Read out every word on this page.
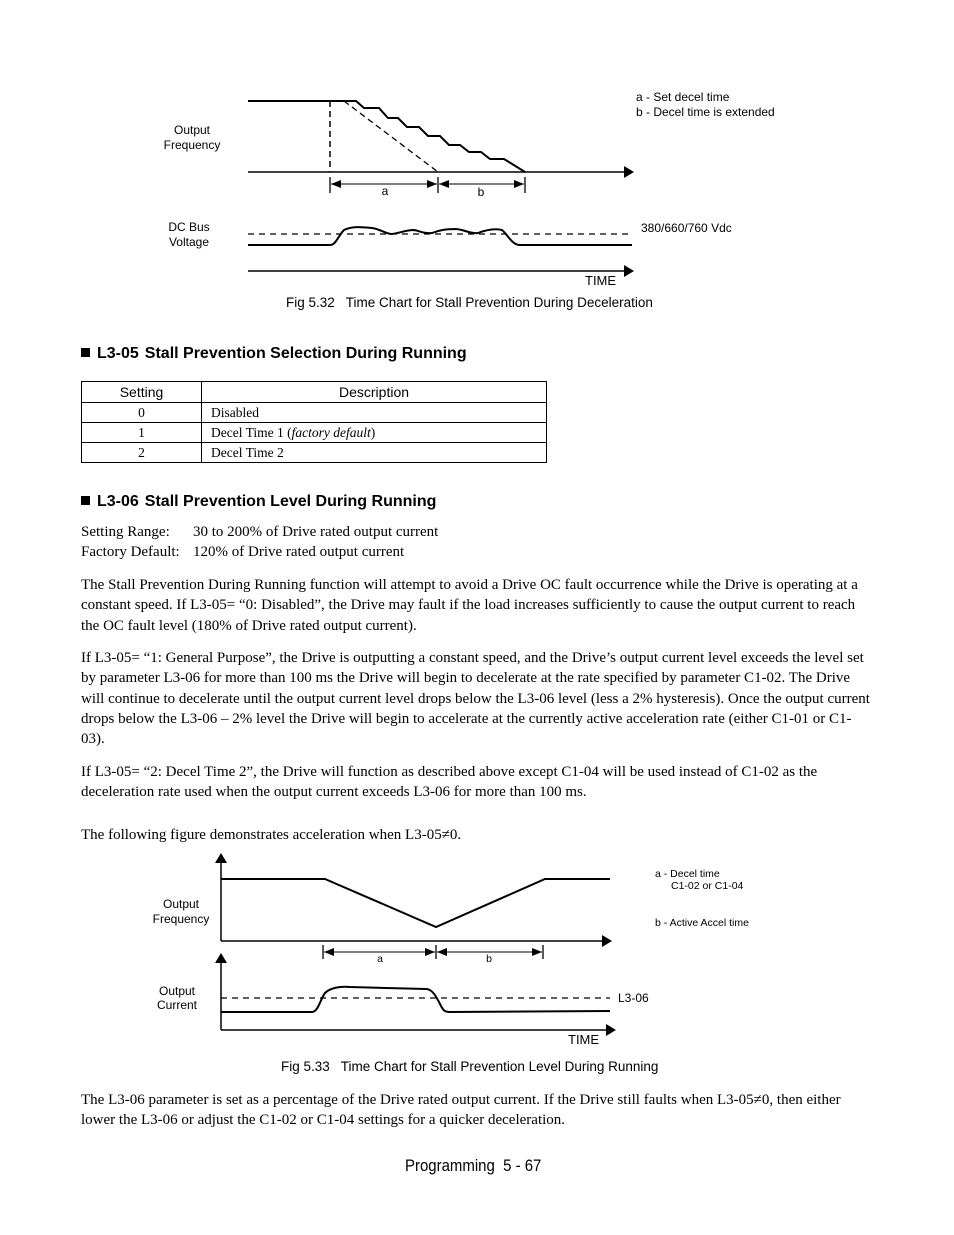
Output
Frequency
a	b
a - Set decel time
b - Decel time is extended
DC Bus
Voltage
380/660/760 Vdc
TIME
Fig 5.32   Time Chart for Stall Prevention During Deceleration
L3-05 Stall Prevention Selection During Running
Setting	Description
0	Disabled
1	Decel Time 1 (factory default)
2	Decel Time 2
L3-06 Stall Prevention Level During Running
Setting Range: 30 to 200% of Drive rated output current
Factory Default: 120% of Drive rated output current

The Stall Prevention During Running function will attempt to avoid a Drive OC fault occurrence while the Drive is operating at a constant speed. If L3-05= “0: Disabled”, the Drive may fault if the load increases sufficiently to cause the output current to reach the OC fault level (180% of Drive rated output current).

If L3-05= “1: General Purpose”, the Drive is outputting a constant speed, and the Drive’s output current level exceeds the level set by parameter L3-06 for more than 100 ms the Drive will begin to decelerate at the rate specified by parameter C1-02. The Drive will continue to decelerate until the output current level drops below the L3-06 level (less a 2% hysteresis). Once the output current drops below the L3-06 – 2% level the Drive will begin to accelerate at the currently active acceleration rate (either C1-01 or C1-03).

If L3-05= “2: Decel Time 2”, the Drive will function as described above except C1-04 will be used instead of C1-02 as the deceleration rate used when the output current exceeds L3-06 for more than 100 ms.

The following figure demonstrates acceleration when L3-05≠0.

Output
Frequency
a - Decel time
C1-02 or C1-04
b - Active Accel time
a	b
Output
Current	L3-06
TIME
Fig 5.33   Time Chart for Stall Prevention Level During Running

The L3-06 parameter is set as a percentage of the Drive rated output current. If the Drive still faults when L3-05≠0, then either lower the L3-06 or adjust the C1-02 or C1-04 settings for a quicker deceleration.

Programming 5 - 67
